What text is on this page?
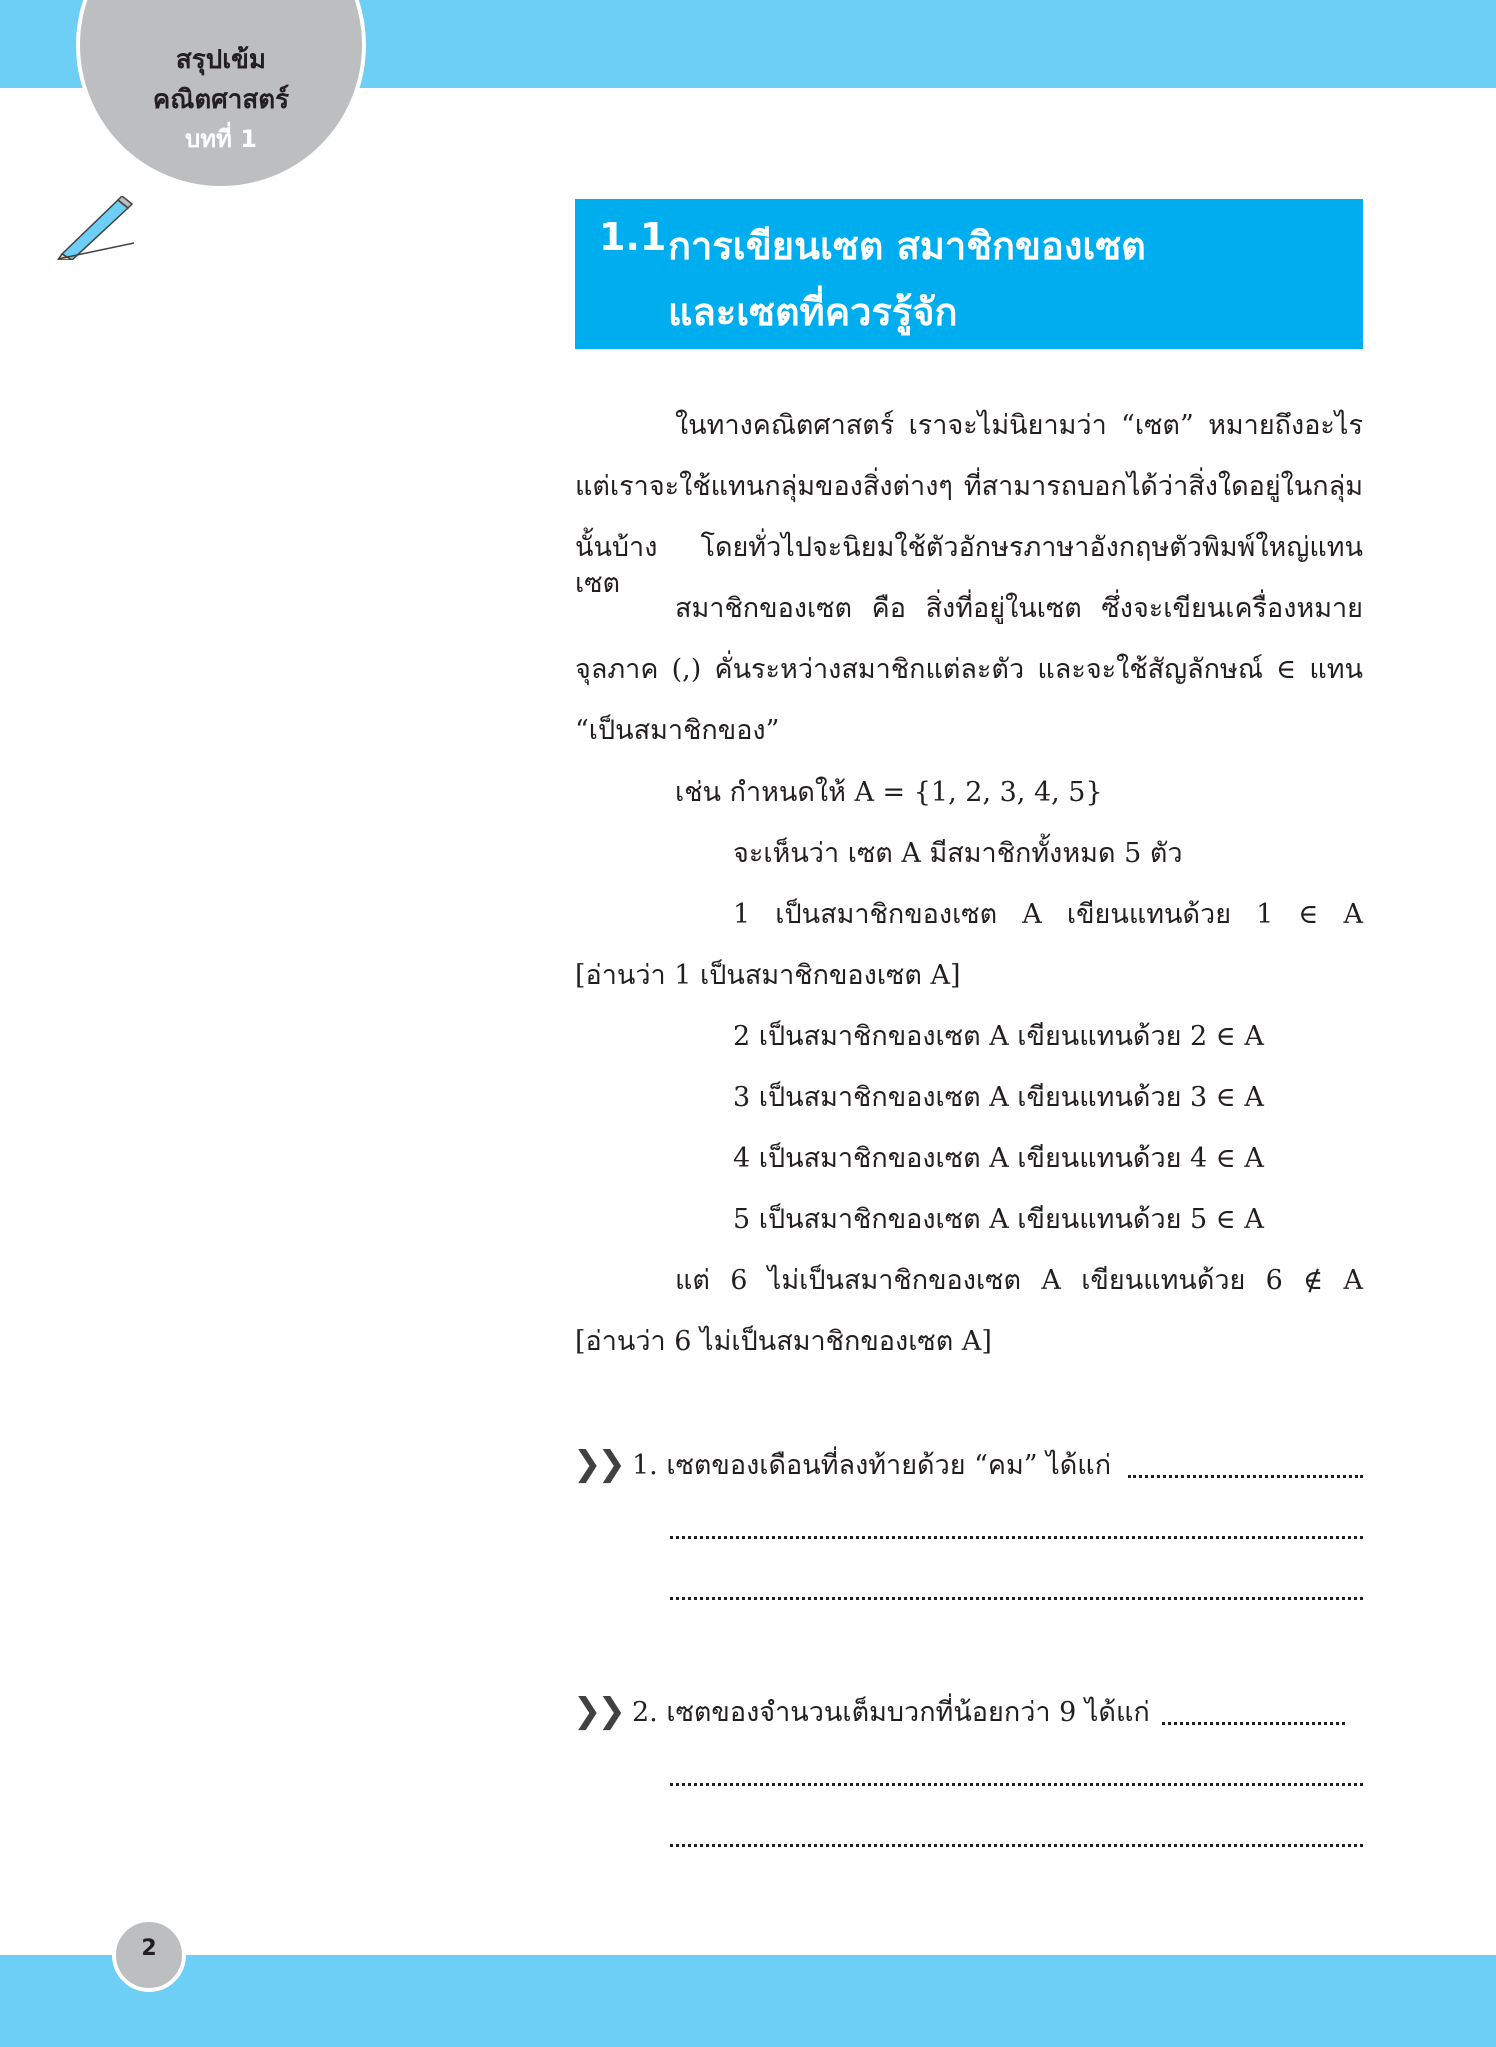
สรุปเข้ม
คณิตศาสตร์
บทที่ 1
1.1 การเขียนเซต สมาชิกของเซต
และเซตที่ควรรู้จัก
ในทางคณิตศาสตร์ เราจะไม่นิยามว่า “เซต” หมายถึงอะไร
แต่เราจะใช้แทนกลุ่มของสิ่งต่างๆ ที่สามารถบอกได้ว่าสิ่งใดอยู่ในกลุ่ม
นั้นบ้าง โดยทั่วไปจะนิยมใช้ตัวอักษรภาษาอังกฤษตัวพิมพ์ใหญ่แทนเซต
สมาชิกของเซต คือ สิ่งที่อยู่ในเซต ซึ่งจะเขียนเครื่องหมาย
จุลภาค (,) คั่นระหว่างสมาชิกแต่ละตัว และจะใช้สัญลักษณ์ ∈ แทน
“เป็นสมาชิกของ”
เช่น กำหนดให้ A = {1, 2, 3, 4, 5}
จะเห็นว่า เซต A มีสมาชิกทั้งหมด 5 ตัว
1 เป็นสมาชิกของเซต A เขียนแทนด้วย 1 ∈ A
[อ่านว่า 1 เป็นสมาชิกของเซต A]
2 เป็นสมาชิกของเซต A เขียนแทนด้วย 2 ∈ A
3 เป็นสมาชิกของเซต A เขียนแทนด้วย 3 ∈ A
4 เป็นสมาชิกของเซต A เขียนแทนด้วย 4 ∈ A
5 เป็นสมาชิกของเซต A เขียนแทนด้วย 5 ∈ A
แต่ 6 ไม่เป็นสมาชิกของเซต A เขียนแทนด้วย 6 ∉ A
[อ่านว่า 6 ไม่เป็นสมาชิกของเซต A]
❯❯ 1. เซตของเดือนที่ลงท้ายด้วย “คม” ได้แก่
❯❯ 2. เซตของจำนวนเต็มบวกที่น้อยกว่า 9 ได้แก่
2
